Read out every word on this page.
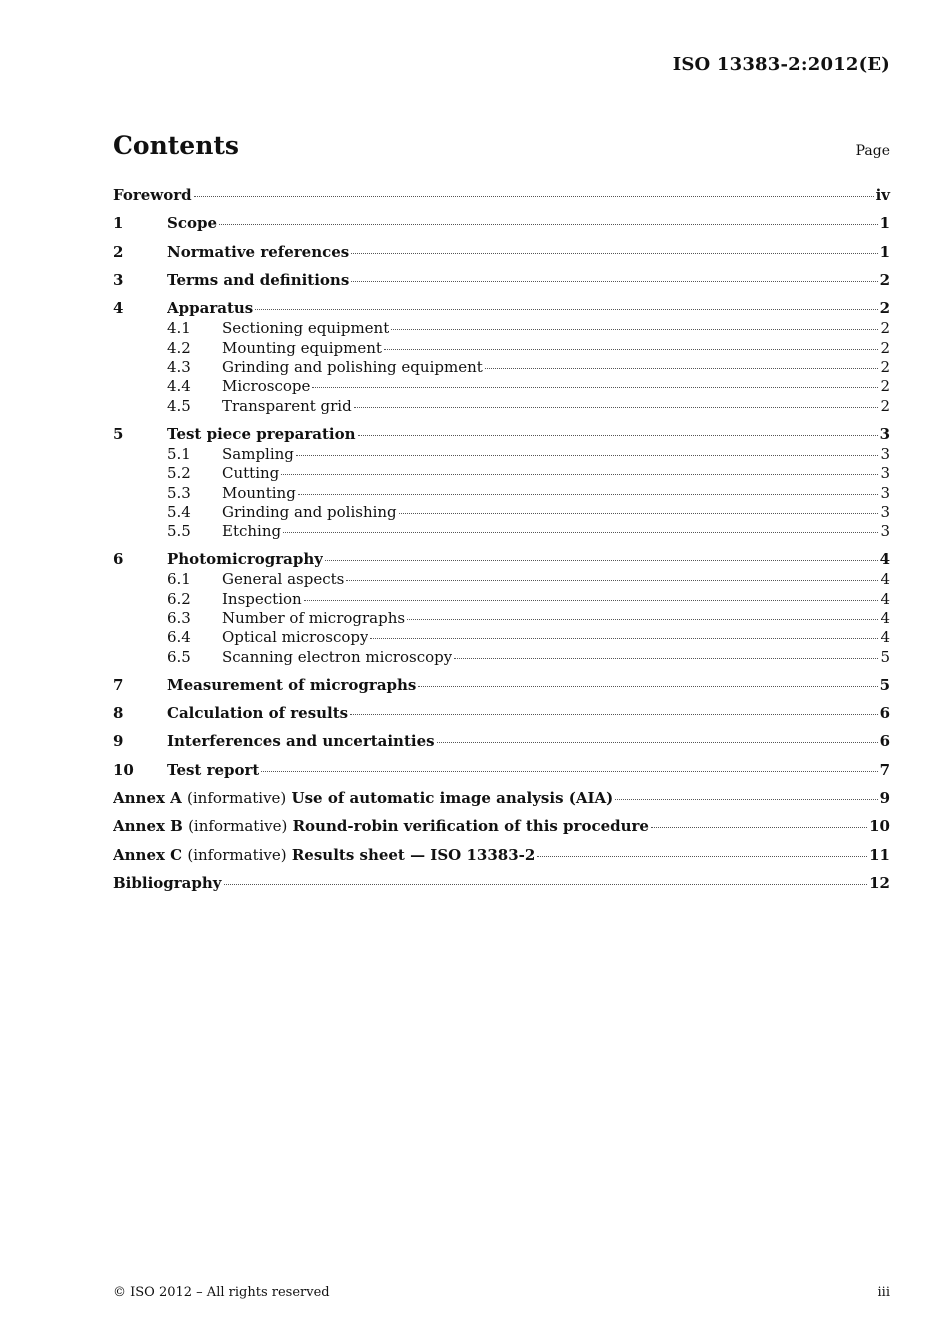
ISO 13383-2:2012(E)
Contents	Page
Foreword	iv
1	Scope	1
2	Normative references	1
3	Terms and definitions	2
4	Apparatus	2
4.1	Sectioning equipment	2
4.2	Mounting equipment	2
4.3	Grinding and polishing equipment	2
4.4	Microscope	2
4.5	Transparent grid	2
5	Test piece preparation	3
5.1	Sampling	3
5.2	Cutting	3
5.3	Mounting	3
5.4	Grinding and polishing	3
5.5	Etching	3
6	Photomicrography	4
6.1	General aspects	4
6.2	Inspection	4
6.3	Number of micrographs	4
6.4	Optical microscopy	4
6.5	Scanning electron microscopy	5
7	Measurement of micrographs	5
8	Calculation of results	6
9	Interferences and uncertainties	6
10	Test report	7
Annex A (informative) Use of automatic image analysis (AIA)	9
Annex B (informative) Round-robin verification of this procedure	10
Annex C (informative) Results sheet — ISO 13383-2	11
Bibliography	12
© ISO 2012 – All rights reserved	iii
